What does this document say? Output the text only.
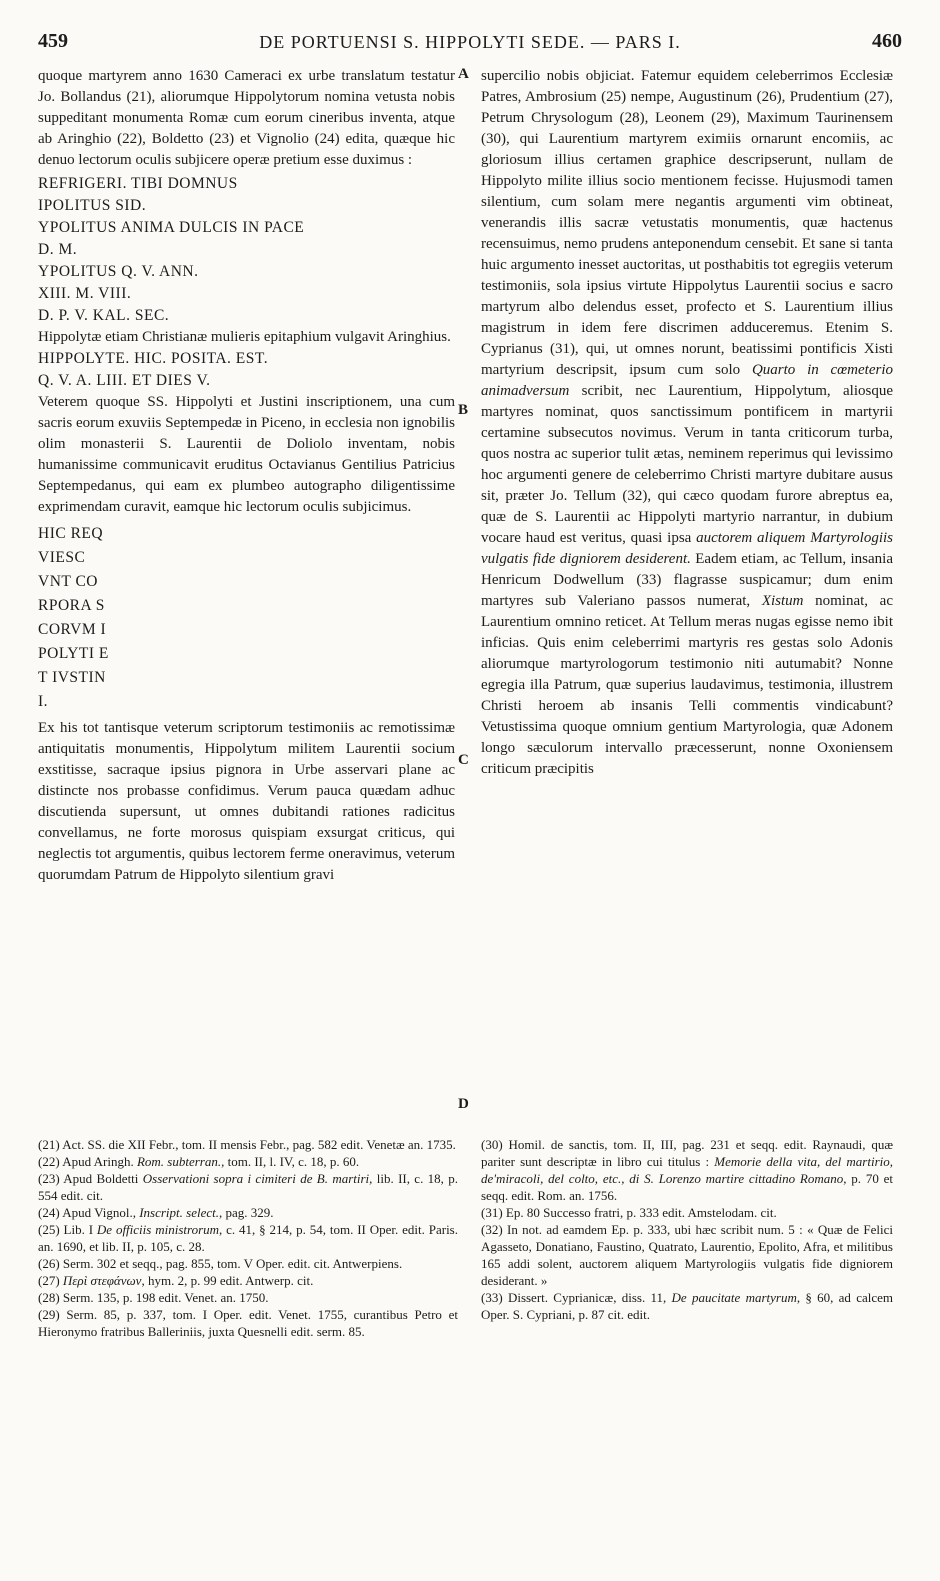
459	DE PORTUENSI S. HIPPOLYTI SEDE. — PARS I.	460

quoque martyrem anno 1630 Cameraci ex urbe translatum testatur Jo. Bollandus (21), aliorumque Hippolytorum nomina vetusta nobis suppeditant monumenta Romæ cum eorum cineribus inventa, atque ab Aringhio (22), Boldetto (23) et Vignolio (24) edita, quæque hic denuo lectorum oculis subjicere operæ pretium esse duximus :

REFRIGERI. TIBI DOMNUS

IPOLITUS SID.

YPOLITUS ANIMA DULCIS IN PACE

D. M.

YPOLITUS Q. V. ANN.

XIII. M. VIII.

D. P. V. KAL. SEC.

Hippolytæ etiam Christianæ mulieris epitaphium vulgavit Aringhius.

HIPPOLYTE. HIC. POSITA. EST.

Q. V. A. LIII. ET DIES V.

Veterem quoque SS. Hippolyti et Justini inscriptionem, una cum sacris eorum exuviis Septempedæ in Piceno, in ecclesia non ignobilis olim monasterii S. Laurentii de Doliolo inventam, nobis humanissime communicavit eruditus Octavianus Gentilius Patricius Septempedanus, qui eam ex plumbeo autographo diligentissime exprimendam curavit, eamque hic lectorum oculis subjicimus.

HIC REQ

VIESC

VNT CO

RPORA S

CORVM I

POLYTI E

T IVSTIN

I.

Ex his tot tantisque veterum scriptorum testimoniis ac remotissimæ antiquitatis monumentis, Hippolytum militem Laurentii socium exstitisse, sacraque ipsius pignora in Urbe asservari plane ac distincte nos probasse confidimus. Verum pauca quædam adhuc discutienda supersunt, ut omnes dubitandi rationes radicitus convellamus, ne forte morosus quispiam exsurgat criticus, qui neglectis tot argumentis, quibus lectorem ferme oneravimus, veterum quorumdam Patrum de Hippolyto silentium gravi

A
B
C
D

supercilio nobis objiciat. Fatemur equidem celeberrimos Ecclesiæ Patres, Ambrosium (25) nempe, Augustinum (26), Prudentium (27), Petrum Chrysologum (28), Leonem (29), Maximum Taurinensem (30), qui Laurentium martyrem eximiis ornarunt encomiis, ac gloriosum illius certamen graphice descripserunt, nullam de Hippolyto milite illius socio mentionem fecisse. Hujusmodi tamen silentium, cum solam mere negantis argumenti vim obtineat, venerandis illis sacræ vetustatis monumentis, quæ hactenus recensuimus, nemo prudens anteponendum censebit. Et sane si tanta huic argumento inesset auctoritas, ut posthabitis tot egregiis veterum testimoniis, sola ipsius virtute Hippolytus Laurentii socius e sacro martyrum albo delendus esset, profecto et S. Laurentium illius magistrum in idem fere discrimen adduceremus. Etenim S. Cyprianus (31), qui, ut omnes norunt, beatissimi pontificis Xisti martyrium descripsit, ipsum cum solo Quarto in cœmeterio animadversum scribit, nec Laurentium, Hippolytum, aliosque martyres nominat, quos sanctissimum pontificem in martyrii certamine subsecutos novimus. Verum in tanta criticorum turba, quos nostra ac superior tulit ætas, neminem reperimus qui levissimo hoc argumenti genere de celeberrimo Christi martyre dubitare ausus sit, præter Jo. Tellum (32), qui cæco quodam furore abreptus ea, quæ de S. Laurentii ac Hippolyti martyrio narrantur, in dubium vocare haud est veritus, quasi ipsa auctorem aliquem Martyrologiis vulgatis fide digniorem desiderent. Eadem etiam, ac Tellum, insania Henricum Dodwellum (33) flagrasse suspicamur; dum enim martyres sub Valeriano passos numerat, Xistum nominat, ac Laurentium omnino reticet. At Tellum meras nugas egisse nemo ibit inficias. Quis enim celeberrimi martyris res gestas solo Adonis aliorumque martyrologorum testimonio niti autumabit? Nonne egregia illa Patrum, quæ superius laudavimus, testimonia, illustrem Christi heroem ab insanis Telli commentis vindicabunt? Vetustissima quoque omnium gentium Martyrologia, quæ Adonem longo sæculorum intervallo præcesserunt, nonne Oxoniensem criticum præcipitis

(21) Act. SS. die XII Febr., tom. II mensis Febr., pag. 582 edit. Venetæ an. 1735.

(22) Apud Aringh. Rom. subterran., tom. II, l. IV, c. 18, p. 60.

(23) Apud Boldetti Osservationi sopra i cimiteri de B. martiri, lib. II, c. 18, p. 554 edit. cit.

(24) Apud Vignol., Inscript. select., pag. 329.

(25) Lib. I De officiis ministrorum, c. 41, § 214, p. 54, tom. II Oper. edit. Paris. an. 1690, et lib. II, p. 105, c. 28.

(26) Serm. 302 et seqq., pag. 855, tom. V Oper. edit. cit. Antwerpiens.

(27) Περὶ στεφάνων, hym. 2, p. 99 edit. Antwerp. cit.

(28) Serm. 135, p. 198 edit. Venet. an. 1750.

(29) Serm. 85, p. 337, tom. I Oper. edit. Venet. 1755, curantibus Petro et Hieronymo fratribus Balleriniis, juxta Quesnelli edit. serm. 85.

(30) Homil. de sanctis, tom. II, III, pag. 231 et seqq. edit. Raynaudi, quæ pariter sunt descriptæ in libro cui titulus : Memorie della vita, del martirio, de'miracoli, del colto, etc., di S. Lorenzo martire cittadino Romano, p. 70 et seqq. edit. Rom. an. 1756.

(31) Ep. 80 Successo fratri, p. 333 edit. Amstelodam. cit.

(32) In not. ad eamdem Ep. p. 333, ubi hæc scribit num. 5 : « Quæ de Felici Agasseto, Donatiano, Faustino, Quatrato, Laurentio, Epolito, Afra, et militibus 165 addi solent, auctorem aliquem Martyrologiis vulgatis fide digniorem desiderant. »

(33) Dissert. Cyprianicæ, diss. 11, De paucitate martyrum, § 60, ad calcem Oper. S. Cypriani, p. 87 cit. edit.
